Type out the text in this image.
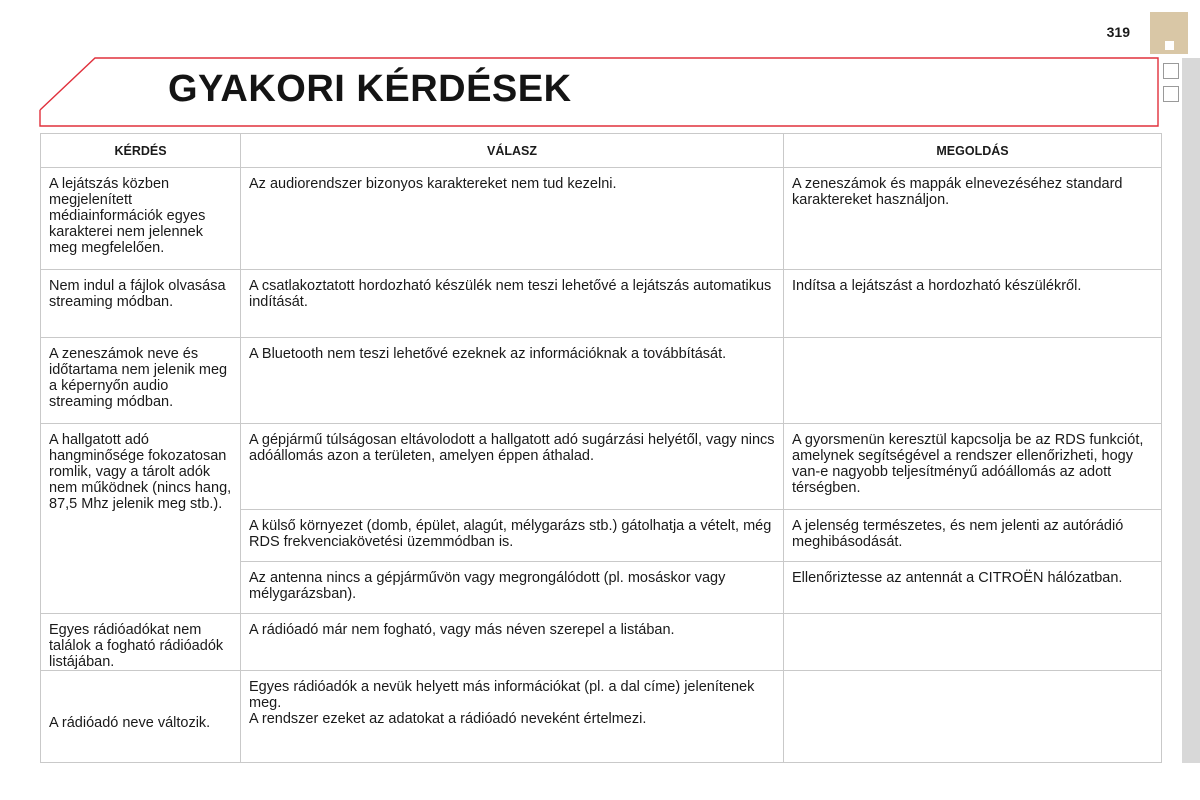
319
GYAKORI KÉRDÉSEK
KÉRDÉS	VÁLASZ	MEGOLDÁS
A lejátszás közben megjelenített médiainformációk egyes karakterei nem jelennek meg megfelelően.	Az audiorendszer bizonyos karaktereket nem tud kezelni.	A zeneszámok és mappák elnevezéséhez standard karaktereket használjon.
Nem indul a fájlok olvasása streaming módban.	A csatlakoztatott hordozható készülék nem teszi lehetővé a lejátszás automatikus indítását.	Indítsa a lejátszást a hordozható készülékről.
A zeneszámok neve és időtartama nem jelenik meg a képernyőn audio streaming módban.	A Bluetooth nem teszi lehetővé ezeknek az információknak a továbbítását.	
A hallgatott adó hangminősége fokozatosan romlik, vagy a tárolt adók nem működnek (nincs hang, 87,5 Mhz jelenik meg stb.).	A gépjármű túlságosan eltávolodott a hallgatott adó sugárzási helyétől, vagy nincs adóállomás azon a területen, amelyen éppen áthalad.	A gyorsmenün keresztül kapcsolja be az RDS funkciót, amelynek segítségével a rendszer ellenőrizheti, hogy van-e nagyobb teljesítményű adóállomás az adott térségben.
	A külső környezet (domb, épület, alagút, mélygarázs stb.) gátolhatja a vételt, még RDS frekvenciakövetési üzemmódban is.	A jelenség természetes, és nem jelenti az autórádió meghibásodását.
	Az antenna nincs a gépjárművön vagy megrongálódott (pl. mosáskor vagy mélygarázsban).	Ellenőriztesse az antennát a CITROËN hálózatban.
Egyes rádióadókat nem találok a fogható rádióadók listájában.	A rádióadó már nem fogható, vagy más néven szerepel a listában.	
A rádióadó neve változik.	Egyes rádióadók a nevük helyett más információkat (pl. a dal címe) jelenítenek meg.
A rendszer ezeket az adatokat a rádióadó neveként értelmezi.	
